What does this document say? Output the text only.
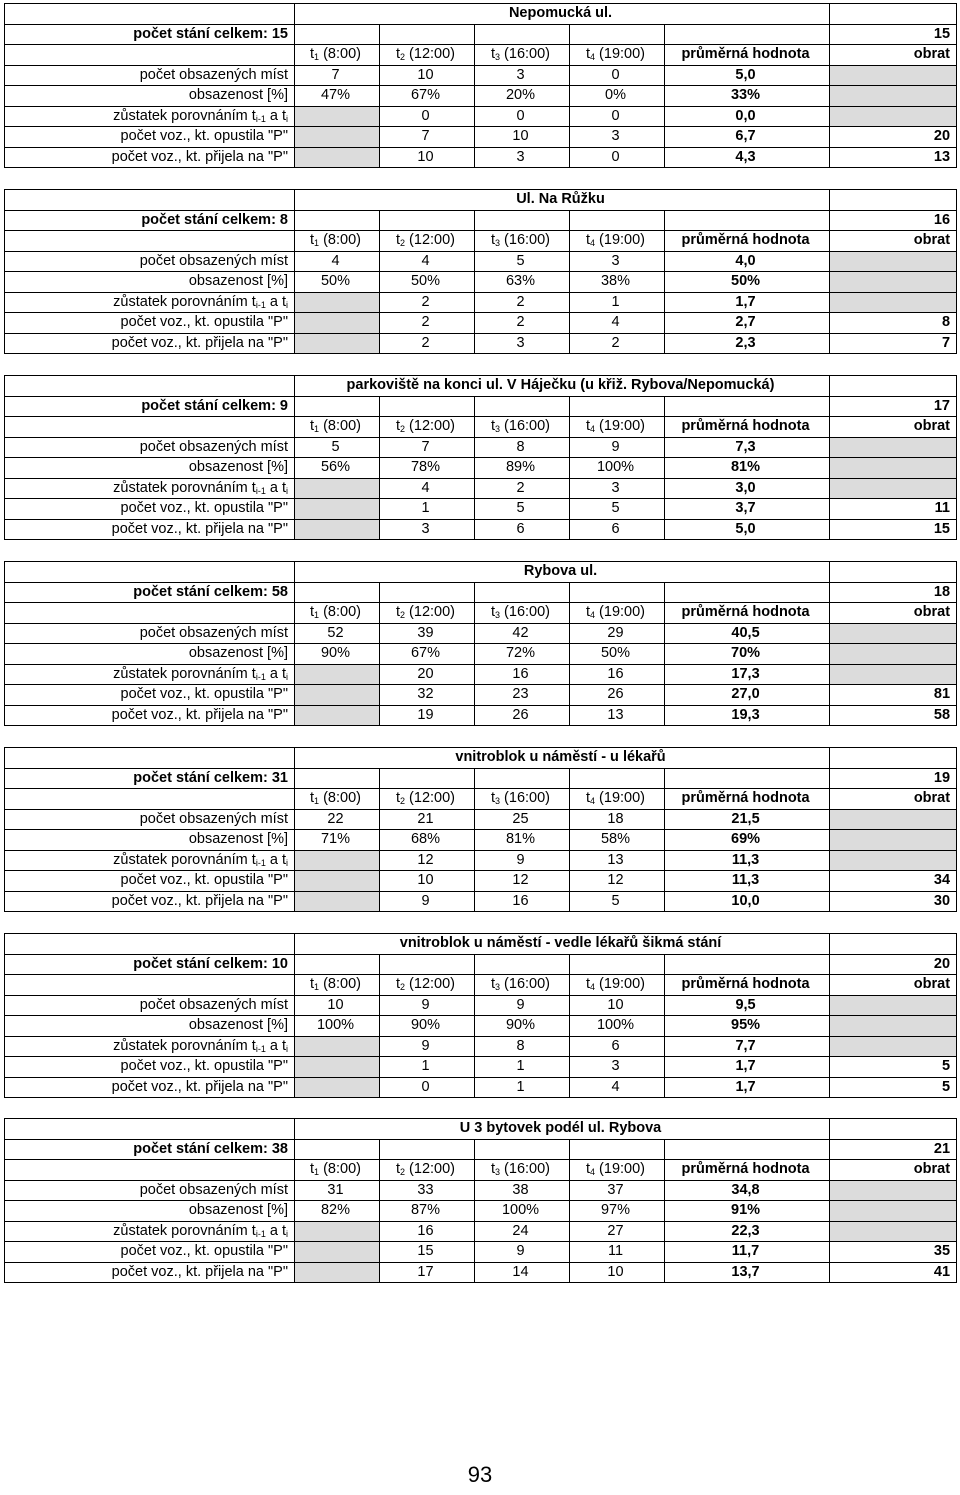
	Nepomucká ul.					
počet stání celkem: 15						15
	$t_1$ (8:00)	$t_2$ (12:00)	$t_3$ (16:00)	$t_4$ (19:00)	průměrná hodnota	obrat
počet obsazených míst	7	10	3	0	5,0	
obsazenost [%]	47%	67%	20%	0%	33%	
zůstatek porovnáním $t_{i-1}$ a $t_i$		0	0	0	0,0	
počet voz., kt. opustila "P"		7	10	3	6,7	20
počet voz., kt. přijela na "P"		10	3	0	4,3	13
	Ul. Na Růžku					
počet stání celkem: 8						16
	$t_1$ (8:00)	$t_2$ (12:00)	$t_3$ (16:00)	$t_4$ (19:00)	průměrná hodnota	obrat
počet obsazených míst	4	4	5	3	4,0	
obsazenost [%]	50%	50%	63%	38%	50%	
zůstatek porovnáním $t_{i-1}$ a $t_i$		2	2	1	1,7	
počet voz., kt. opustila "P"		2	2	4	2,7	8
počet voz., kt. přijela na "P"		2	3	2	2,3	7
	parkoviště na konci ul. V Háječku (u křiž. Rybova/Nepomucká)					
počet stání celkem: 9						17
	$t_1$ (8:00)	$t_2$ (12:00)	$t_3$ (16:00)	$t_4$ (19:00)	průměrná hodnota	obrat
počet obsazených míst	5	7	8	9	7,3	
obsazenost [%]	56%	78%	89%	100%	81%	
zůstatek porovnáním $t_{i-1}$ a $t_i$		4	2	3	3,0	
počet voz., kt. opustila "P"		1	5	5	3,7	11
počet voz., kt. přijela na "P"		3	6	6	5,0	15
	Rybova ul.					
počet stání celkem: 58						18
	$t_1$ (8:00)	$t_2$ (12:00)	$t_3$ (16:00)	$t_4$ (19:00)	průměrná hodnota	obrat
počet obsazených míst	52	39	42	29	40,5	
obsazenost [%]	90%	67%	72%	50%	70%	
zůstatek porovnáním $t_{i-1}$ a $t_i$		20	16	16	17,3	
počet voz., kt. opustila "P"		32	23	26	27,0	81
počet voz., kt. přijela na "P"		19	26	13	19,3	58
	vnitroblok u náměstí - u lékařů					
počet stání celkem: 31						19
	$t_1$ (8:00)	$t_2$ (12:00)	$t_3$ (16:00)	$t_4$ (19:00)	průměrná hodnota	obrat
počet obsazených míst	22	21	25	18	21,5	
obsazenost [%]	71%	68%	81%	58%	69%	
zůstatek porovnáním $t_{i-1}$ a $t_i$		12	9	13	11,3	
počet voz., kt. opustila "P"		10	12	12	11,3	34
počet voz., kt. přijela na "P"		9	16	5	10,0	30
	vnitroblok u náměstí - vedle lékařů šikmá stání					
počet stání celkem: 10						20
	$t_1$ (8:00)	$t_2$ (12:00)	$t_3$ (16:00)	$t_4$ (19:00)	průměrná hodnota	obrat
počet obsazených míst	10	9	9	10	9,5	
obsazenost [%]	100%	90%	90%	100%	95%	
zůstatek porovnáním $t_{i-1}$ a $t_i$		9	8	6	7,7	
počet voz., kt. opustila "P"		1	1	3	1,7	5
počet voz., kt. přijela na "P"		0	1	4	1,7	5
	U 3 bytovek podél ul. Rybova					
počet stání celkem: 38						21
	$t_1$ (8:00)	$t_2$ (12:00)	$t_3$ (16:00)	$t_4$ (19:00)	průměrná hodnota	obrat
počet obsazených míst	31	33	38	37	34,8	
obsazenost [%]	82%	87%	100%	97%	91%	
zůstatek porovnáním $t_{i-1}$ a $t_i$		16	24	27	22,3	
počet voz., kt. opustila "P"		15	9	11	11,7	35
počet voz., kt. přijela na "P"		17	14	10	13,7	41
93
